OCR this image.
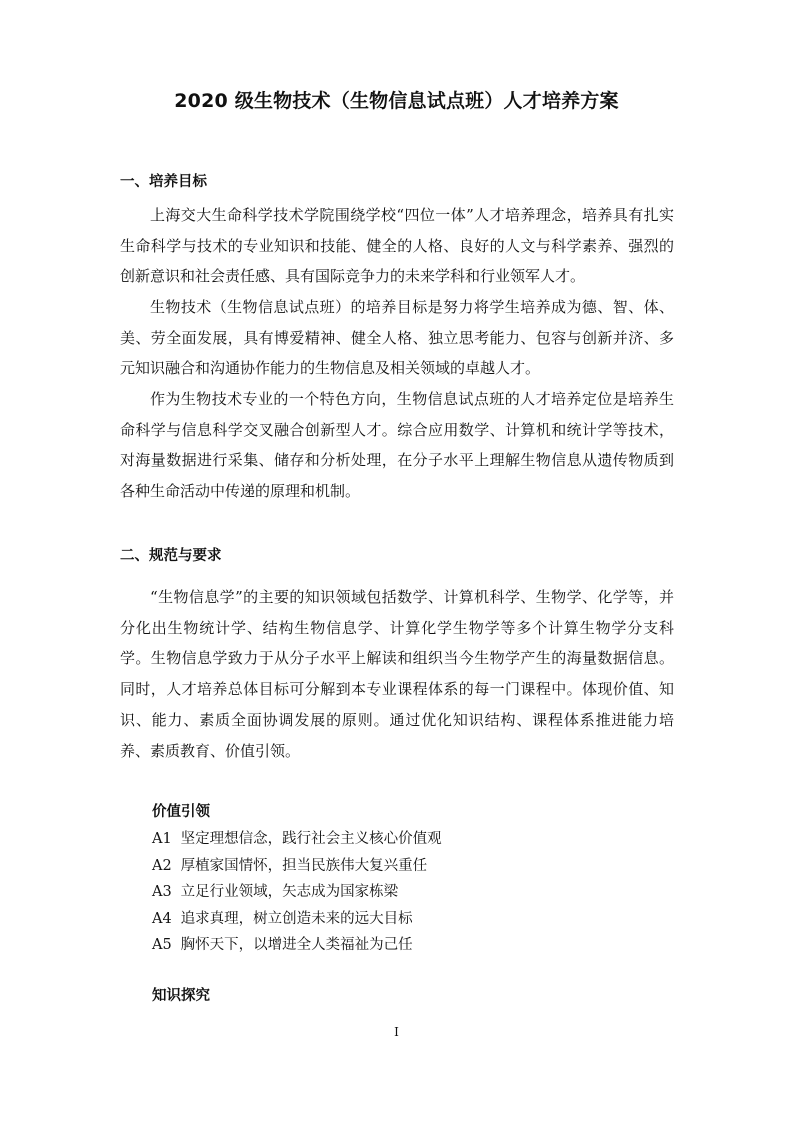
2020 级生物技术（生物信息试点班）人才培养方案
一、培养目标

上海交大生命科学技术学院围绕学校“四位一体”人才培养理念，培养具有扎实生命科学与技术的专业知识和技能、健全的人格、良好的人文与科学素养、强烈的创新意识和社会责任感、具有国际竞争力的未来学科和行业领军人才。

生物技术（生物信息试点班）的培养目标是努力将学生培养成为德、智、体、美、劳全面发展，具有博爱精神、健全人格、独立思考能力、包容与创新并济、多元知识融合和沟通协作能力的生物信息及相关领域的卓越人才。

作为生物技术专业的一个特色方向，生物信息试点班的人才培养定位是培养生命科学与信息科学交叉融合创新型人才。综合应用数学、计算机和统计学等技术，对海量数据进行采集、储存和分析处理，在分子水平上理解生物信息从遗传物质到各种生命活动中传递的原理和机制。

二、规范与要求

“生物信息学”的主要的知识领域包括数学、计算机科学、生物学、化学等，并分化出生物统计学、结构生物信息学、计算化学生物学等多个计算生物学分支科学。生物信息学致力于从分子水平上解读和组织当今生物学产生的海量数据信息。同时，人才培养总体目标可分解到本专业课程体系的每一门课程中。体现价值、知识、能力、素质全面协调发展的原则。通过优化知识结构、课程体系推进能力培养、素质教育、价值引领。

价值引领
A1 坚定理想信念，践行社会主义核心价值观
A2 厚植家国情怀，担当民族伟大复兴重任
A3 立足行业领域，矢志成为国家栋梁
A4 追求真理，树立创造未来的远大目标
A5 胸怀天下，以增进全人类福祉为己任
知识探究
I
